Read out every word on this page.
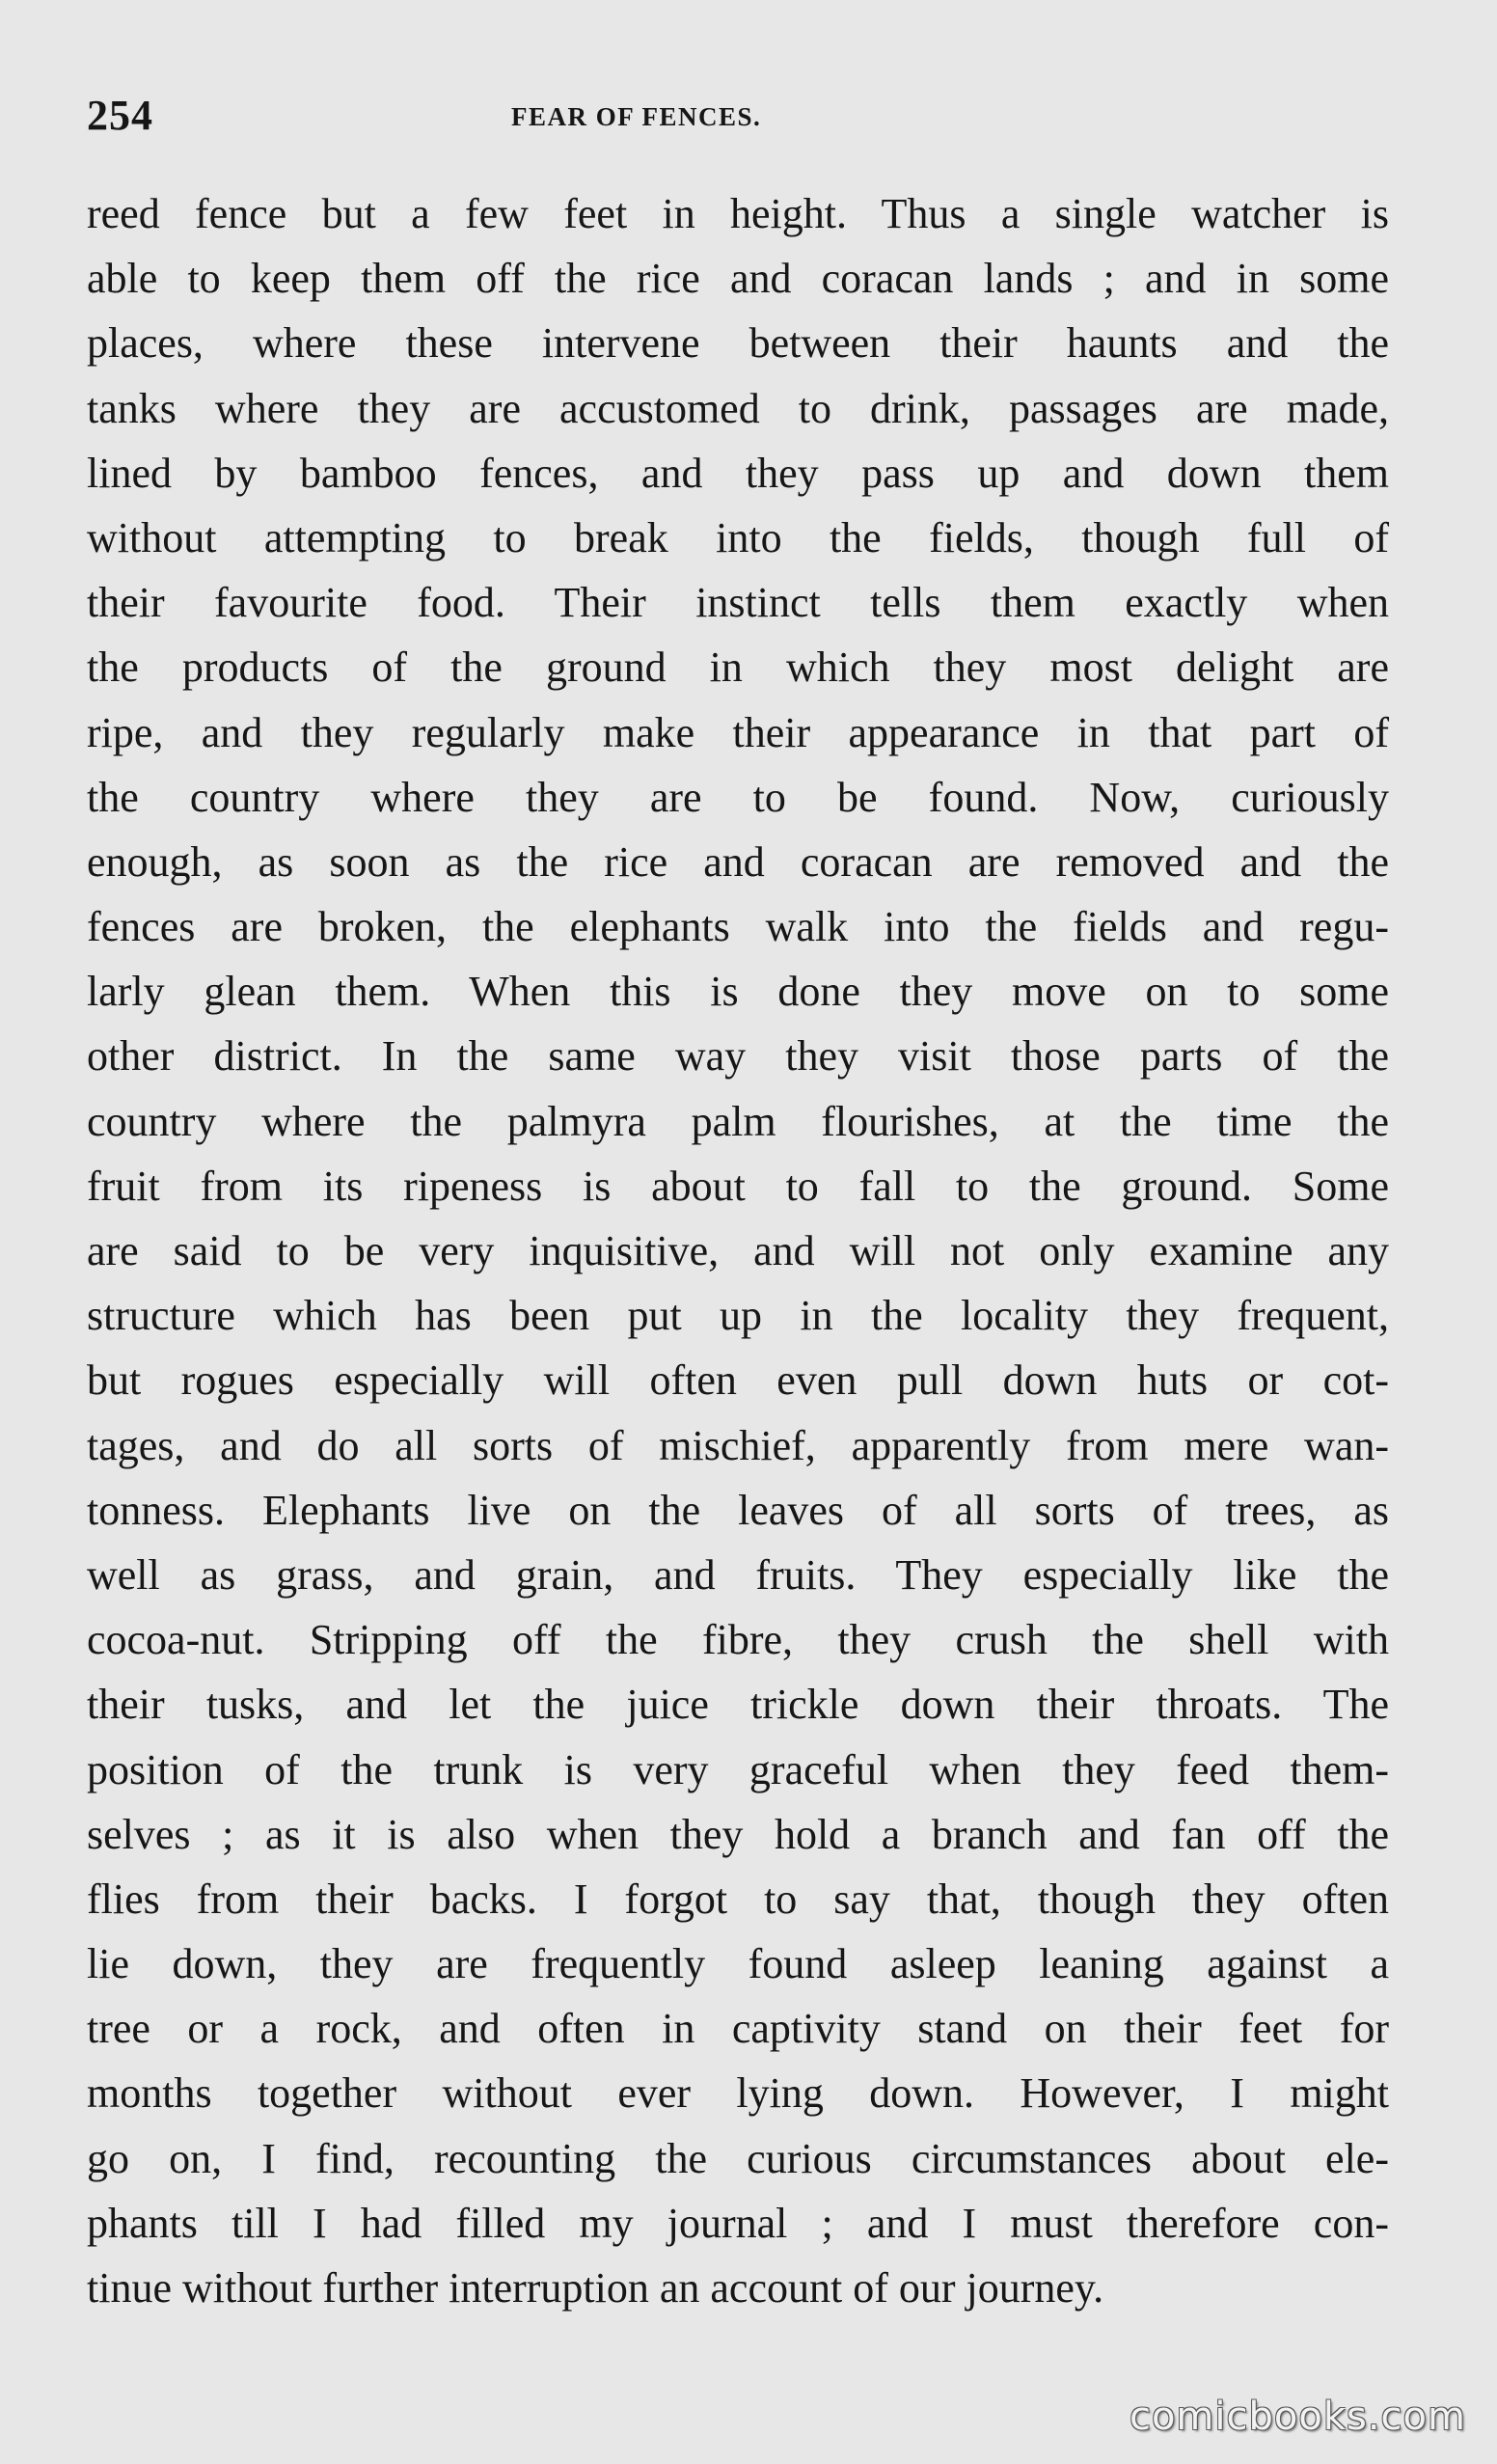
254	FEAR OF FENCES.
reed fence but a few feet in height. Thus a single watcher is
able to keep them off the rice and coracan lands ; and in some
places, where these intervene between their haunts and the
tanks where they are accustomed to drink, passages are made,
lined by bamboo fences, and they pass up and down them
without attempting to break into the fields, though full of
their favourite food. Their instinct tells them exactly when
the products of the ground in which they most delight are
ripe, and they regularly make their appearance in that part of
the country where they are to be found. Now, curiously
enough, as soon as the rice and coracan are removed and the
fences are broken, the elephants walk into the fields and regu-
larly glean them. When this is done they move on to some
other district. In the same way they visit those parts of the
country where the palmyra palm flourishes, at the time the
fruit from its ripeness is about to fall to the ground. Some
are said to be very inquisitive, and will not only examine any
structure which has been put up in the locality they frequent,
but rogues especially will often even pull down huts or cot-
tages, and do all sorts of mischief, apparently from mere wan-
tonness. Elephants live on the leaves of all sorts of trees, as
well as grass, and grain, and fruits. They especially like the
cocoa-nut. Stripping off the fibre, they crush the shell with
their tusks, and let the juice trickle down their throats. The
position of the trunk is very graceful when they feed them-
selves ; as it is also when they hold a branch and fan off the
flies from their backs. I forgot to say that, though they often
lie down, they are frequently found asleep leaning against a
tree or a rock, and often in captivity stand on their feet for
months together without ever lying down. However, I might
go on, I find, recounting the curious circumstances about ele-
phants till I had filled my journal ; and I must therefore con-
tinue without further interruption an account of our journey.
comicbooks.com
